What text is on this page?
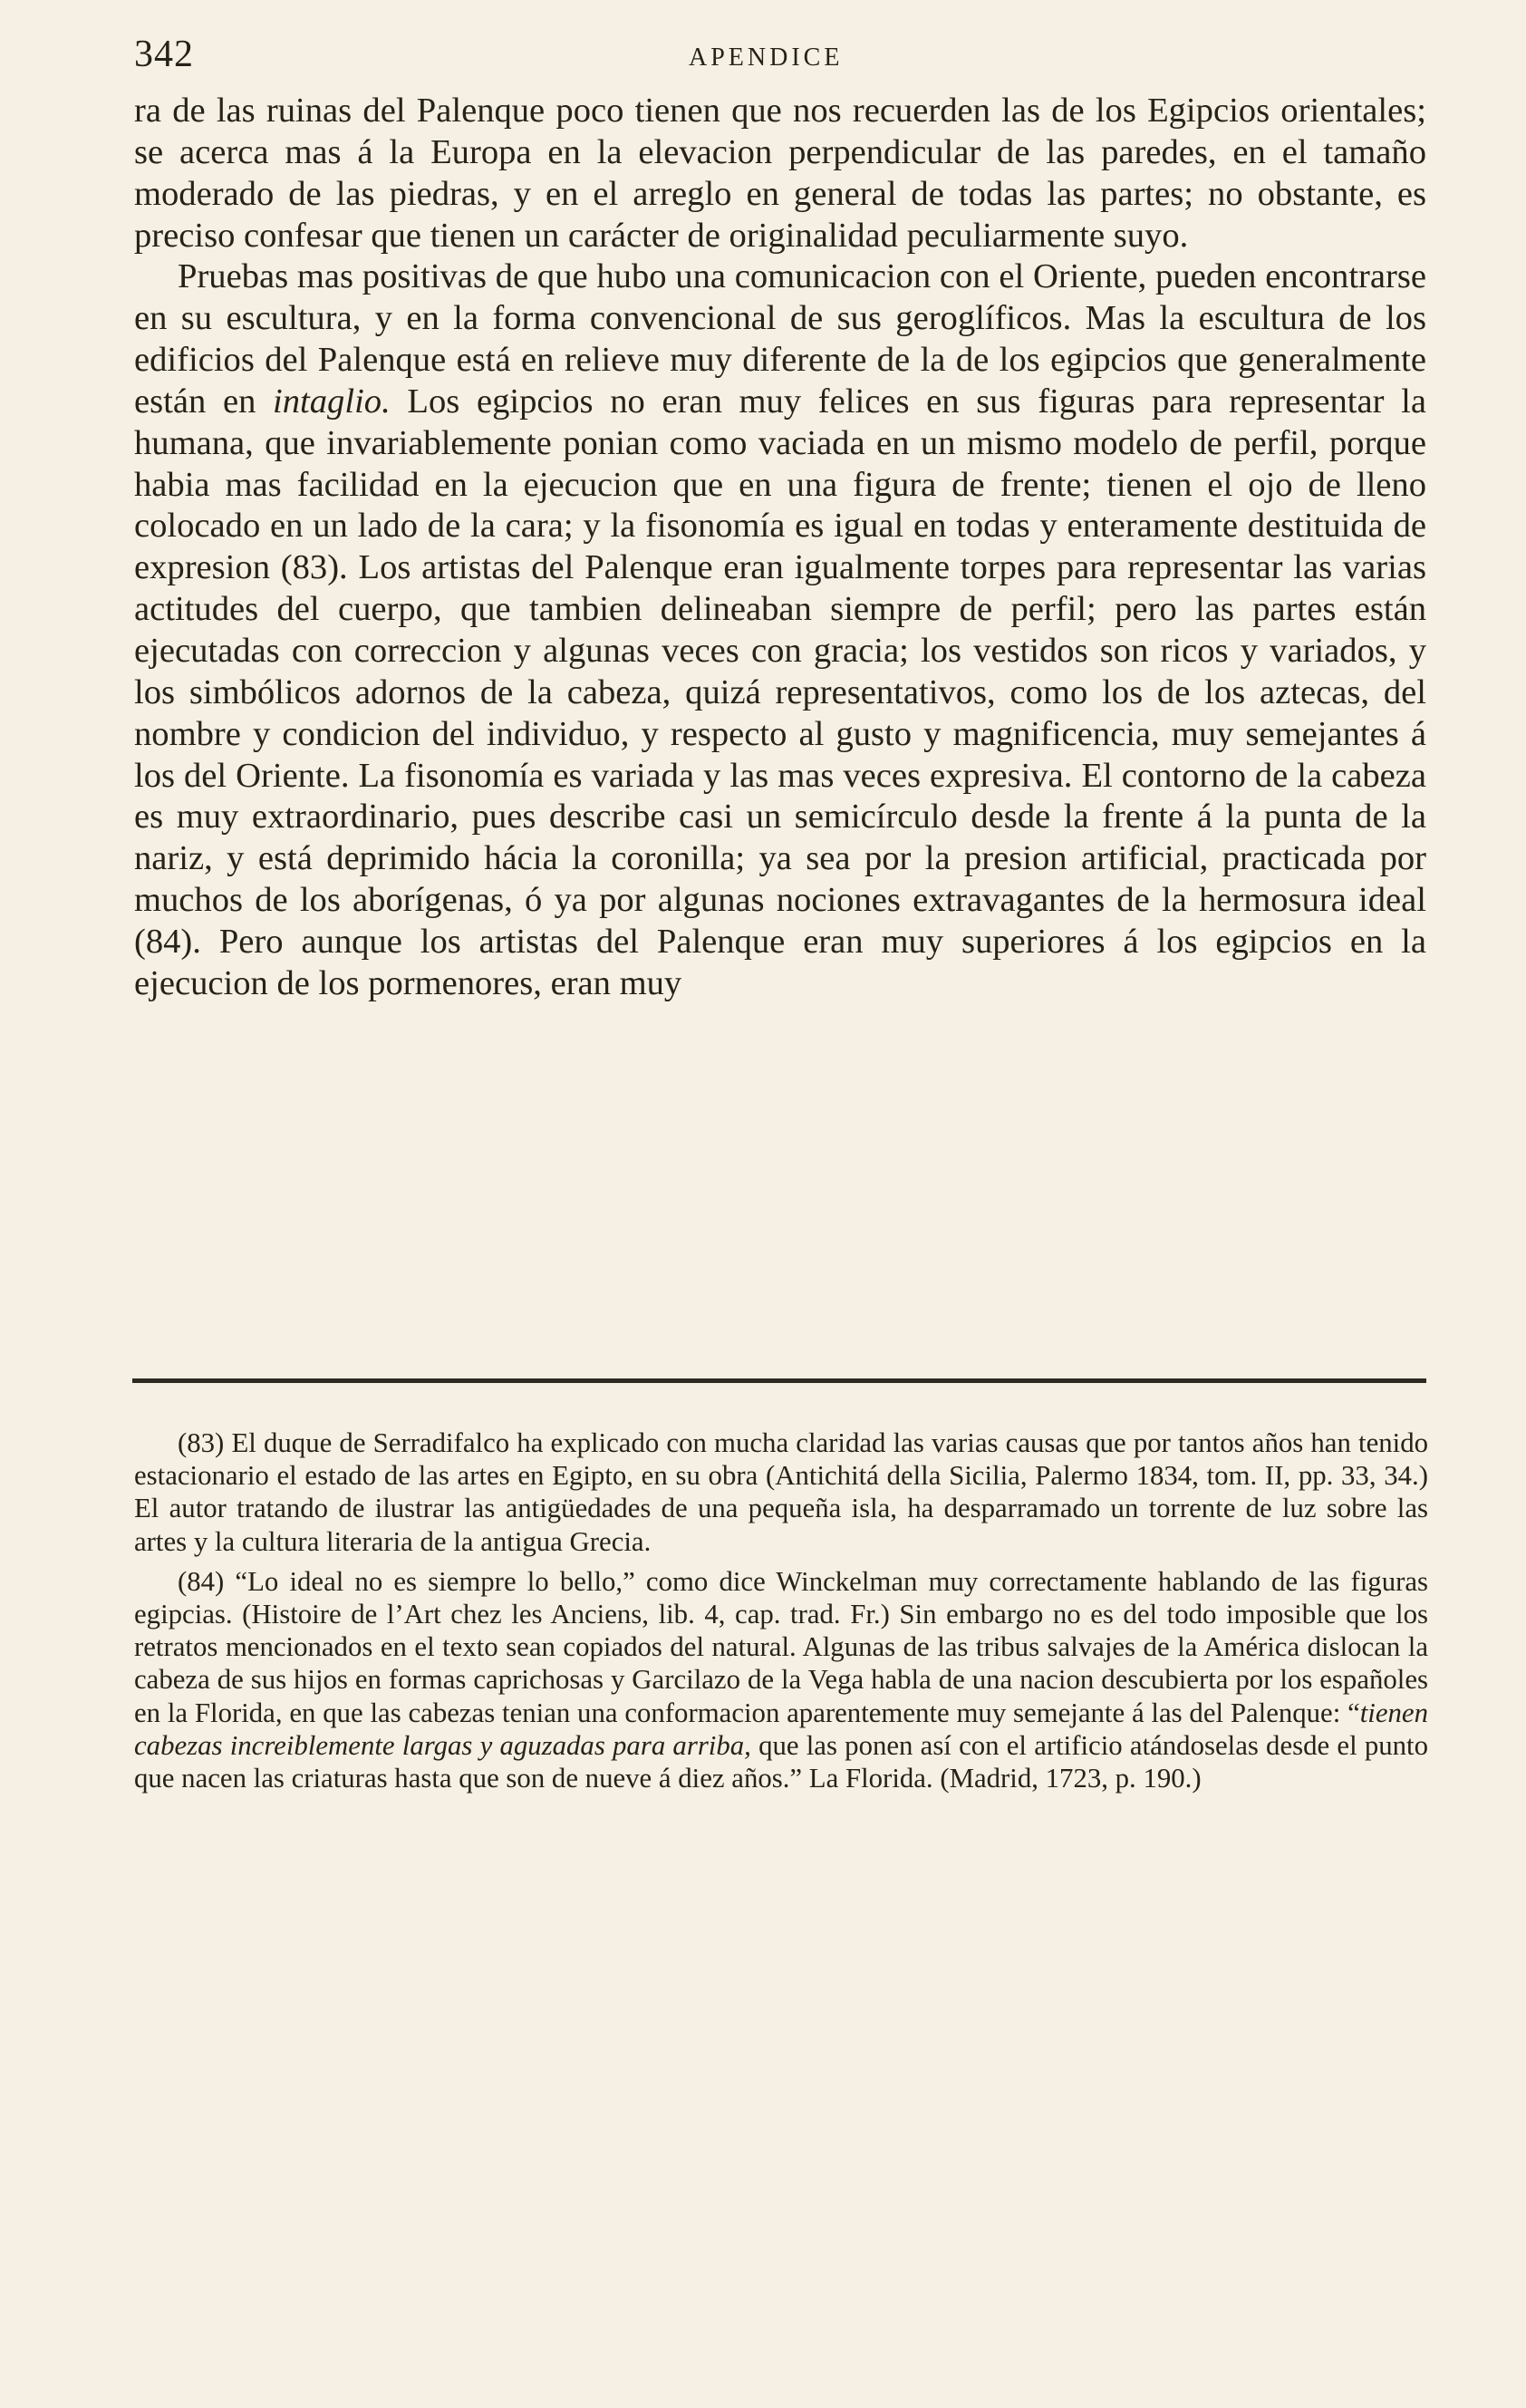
342	APENDICE

ra de las ruinas del Palenque poco tienen que nos recuerden las de los Egipcios orientales; se acerca mas á la Europa en la elevacion perpendicular de las paredes, en el tamaño moderado de las piedras, y en el arreglo en general de todas las partes; no obstante, es preciso confesar que tienen un carácter de originalidad peculiarmente suyo.

Pruebas mas positivas de que hubo una comunicacion con el Oriente, pueden encontrarse en su escultura, y en la forma convencional de sus geroglíficos. Mas la escultura de los edificios del Palenque está en relieve muy diferente de la de los egipcios que generalmente están en intaglio. Los egipcios no eran muy felices en sus figuras para representar la humana, que invariablemente ponian como vaciada en un mismo modelo de perfil, porque habia mas facilidad en la ejecucion que en una figura de frente; tienen el ojo de lleno colocado en un lado de la cara; y la fisonomía es igual en todas y enteramente destituida de expresion (83). Los artistas del Palenque eran igualmente torpes para representar las varias actitudes del cuerpo, que tambien delineaban siempre de perfil; pero las partes están ejecutadas con correccion y algunas veces con gracia; los vestidos son ricos y variados, y los simbólicos adornos de la cabeza, quizá representativos, como los de los aztecas, del nombre y condicion del individuo, y respecto al gusto y magnificencia, muy semejantes á los del Oriente. La fisonomía es variada y las mas veces expresiva. El contorno de la cabeza es muy extraordinario, pues describe casi un semicírculo desde la frente á la punta de la nariz, y está deprimido hácia la coronilla; ya sea por la presion artificial, practicada por muchos de los aborígenas, ó ya por algunas nociones extravagantes de la hermosura ideal (84). Pero aunque los artistas del Palenque eran muy superiores á los egipcios en la ejecucion de los pormenores, eran muy

(83) El duque de Serradifalco ha explicado con mucha claridad las varias causas que por tantos años han tenido estacionario el estado de las artes en Egipto, en su obra (Antichitá della Sicilia, Palermo 1834, tom. II, pp. 33, 34.) El autor tratando de ilustrar las antigüedades de una pequeña isla, ha desparramado un torrente de luz sobre las artes y la cultura literaria de la antigua Grecia.

(84) “Lo ideal no es siempre lo bello,” como dice Winckelman muy correctamente hablando de las figuras egipcias. (Histoire de l’Art chez les Anciens, lib. 4, cap. trad. Fr.) Sin embargo no es del todo imposible que los retratos mencionados en el texto sean copiados del natural. Algunas de las tribus salvajes de la América dislocan la cabeza de sus hijos en formas caprichosas y Garcilazo de la Vega habla de una nacion descubierta por los españoles en la Florida, en que las cabezas tenian una conformacion aparentemente muy semejante á las del Palenque: “tienen cabezas increiblemente largas y aguzadas para arriba, que las ponen así con el artificio atándoselas desde el punto que nacen las criaturas hasta que son de nueve á diez años.” La Florida. (Madrid, 1723, p. 190.)
